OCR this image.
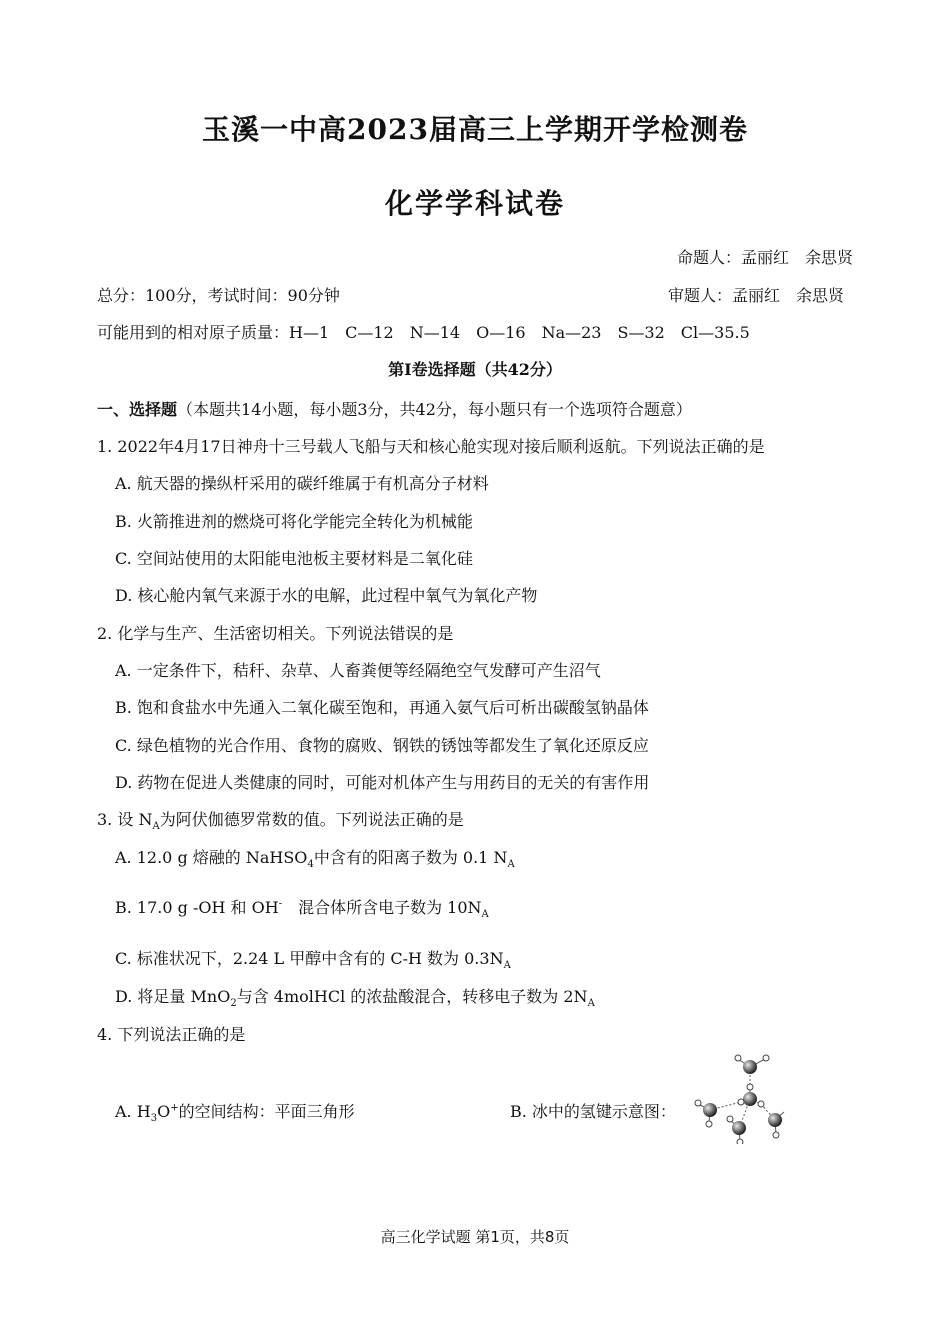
玉溪一中高2023届高三上学期开学检测卷
化学学科试卷
命题人：孟丽红　余思贤
总分：100分，考试时间：90分钟	审题人：孟丽红　余思贤
可能用到的相对原子质量：H—1　C—12　N—14　O—16　Na—23　S—32　Cl—35.5
第I卷选择题（共42分）
一、选择题（本题共14小题，每小题3分，共42分，每小题只有一个选项符合题意）
1. 2022年4月17日神舟十三号载人飞船与天和核心舱实现对接后顺利返航。下列说法正确的是
A. 航天器的操纵杆采用的碳纤维属于有机高分子材料
B. 火箭推进剂的燃烧可将化学能完全转化为机械能
C. 空间站使用的太阳能电池板主要材料是二氧化硅
D. 核心舱内氧气来源于水的电解，此过程中氧气为氧化产物
2. 化学与生产、生活密切相关。下列说法错误的是
A. 一定条件下，秸秆、杂草、人畜粪便等经隔绝空气发酵可产生沼气
B. 饱和食盐水中先通入二氧化碳至饱和，再通入氨气后可析出碳酸氢钠晶体
C. 绿色植物的光合作用、食物的腐败、钢铁的锈蚀等都发生了氧化还原反应
D. 药物在促进人类健康的同时，可能对机体产生与用药目的无关的有害作用
3. 设 $N_A$为阿伏伽德罗常数的值。下列说法正确的是
A. 12.0 g 熔融的 NaHSO$_4$中含有的阳离子数为 0.1 $N_A$
B. 17.0 g -OH 和 OH-　混合体所含电子数为 $10N_A$
C. 标准状况下，2.24 L 甲醇中含有的 C-H 数为 $0.3N_A$
D. 将足量 MnO$_2$与含 4molHCl 的浓盐酸混合，转移电子数为 $2N_A$
4. 下列说法正确的是
A. $H_3O^+$的空间结构：平面三角形	B. 冰中的氢键示意图：
高三化学试题 第1页，共8页
